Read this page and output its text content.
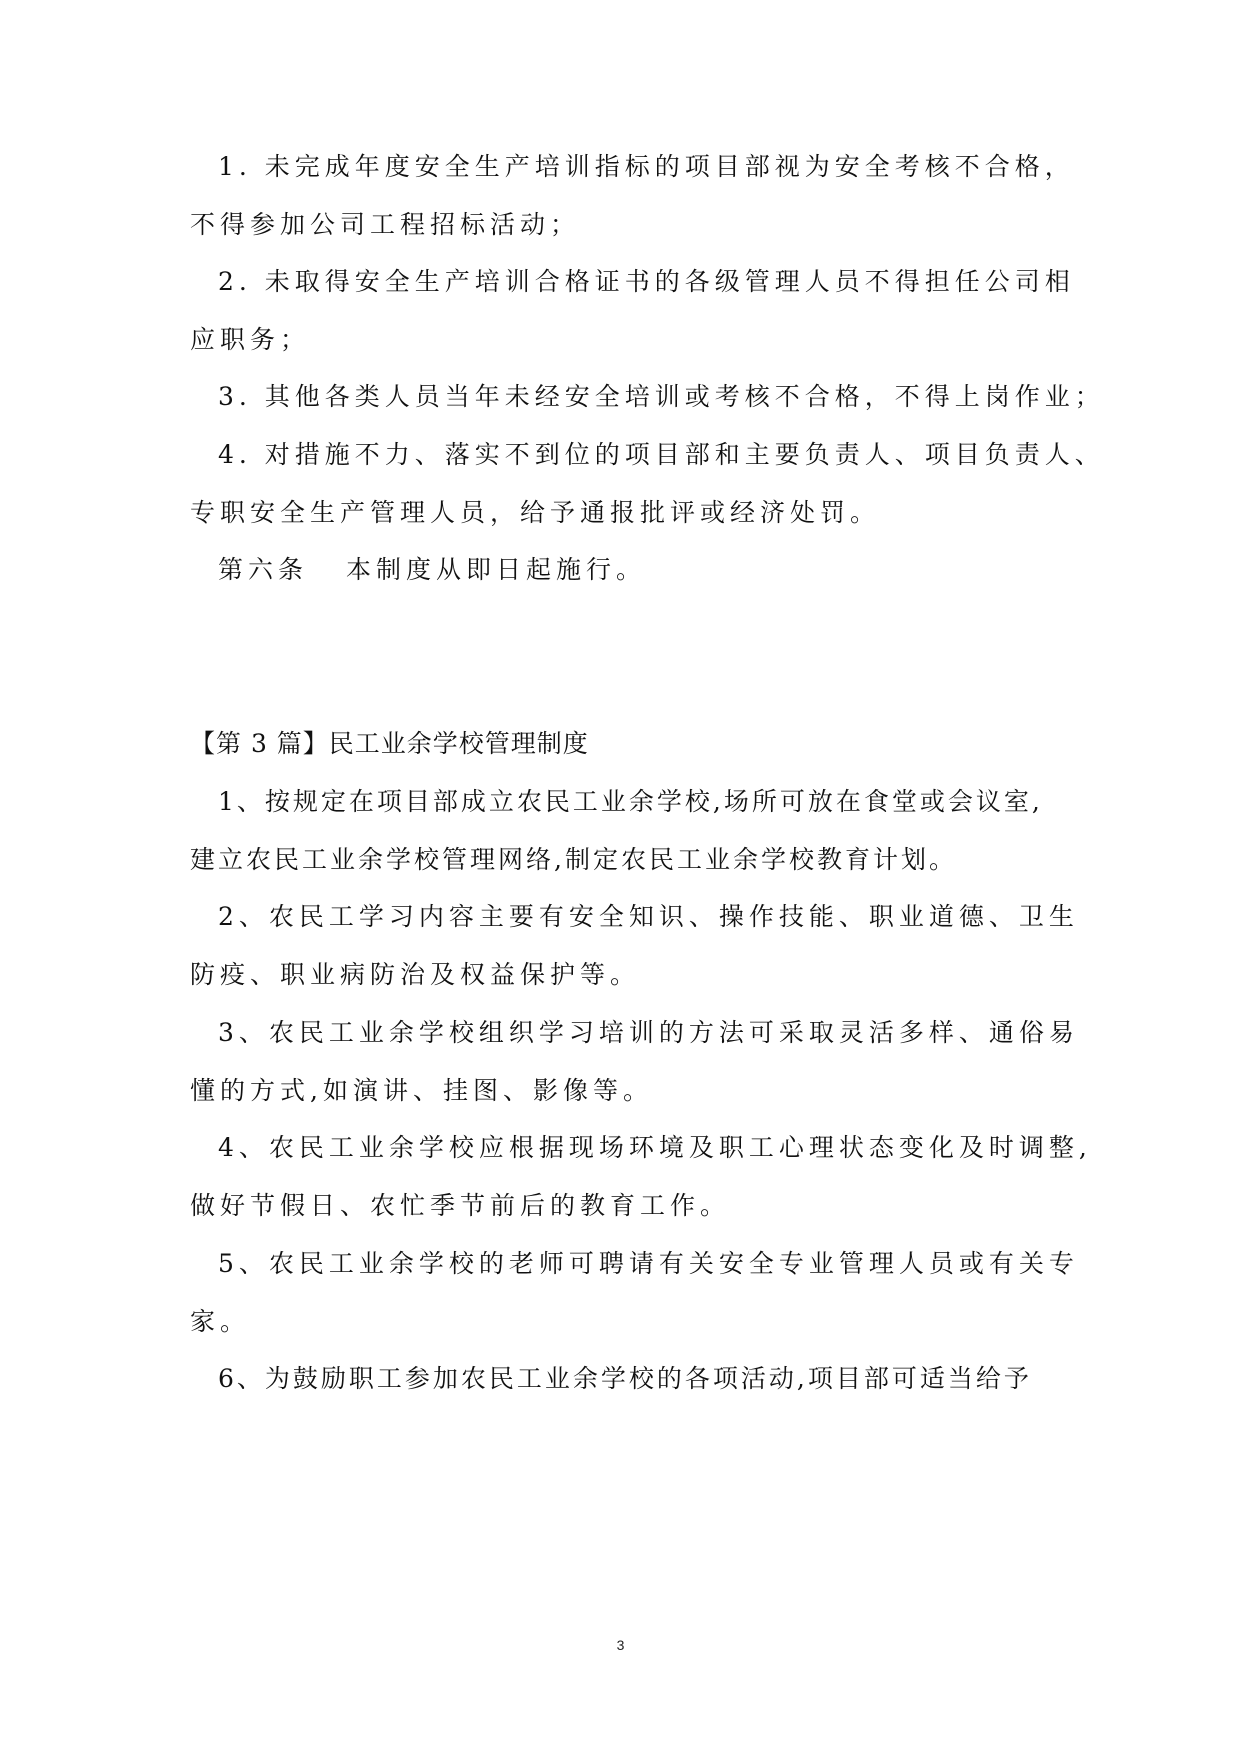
1. 未完成年度安全生产培训指标的项目部视为安全考核不合格，
不得参加公司工程招标活动；
2. 未取得安全生产培训合格证书的各级管理人员不得担任公司相
应职务；
3. 其他各类人员当年未经安全培训或考核不合格，不得上岗作业；
4. 对措施不力、落实不到位的项目部和主要负责人、项目负责人、
专职安全生产管理人员，给予通报批评或经济处罚。
第六条 本制度从即日起施行。
【第 3 篇】民工业余学校管理制度
1、按规定在项目部成立农民工业余学校,场所可放在食堂或会议室,
建立农民工业余学校管理网络,制定农民工业余学校教育计划。
2、农民工学习内容主要有安全知识、操作技能、职业道德、卫生
防疫、职业病防治及权益保护等。
3、农民工业余学校组织学习培训的方法可采取灵活多样、通俗易
懂的方式,如演讲、挂图、影像等。
4、农民工业余学校应根据现场环境及职工心理状态变化及时调整,
做好节假日、农忙季节前后的教育工作。
5、农民工业余学校的老师可聘请有关安全专业管理人员或有关专
家。
6、为鼓励职工参加农民工业余学校的各项活动,项目部可适当给予
3
